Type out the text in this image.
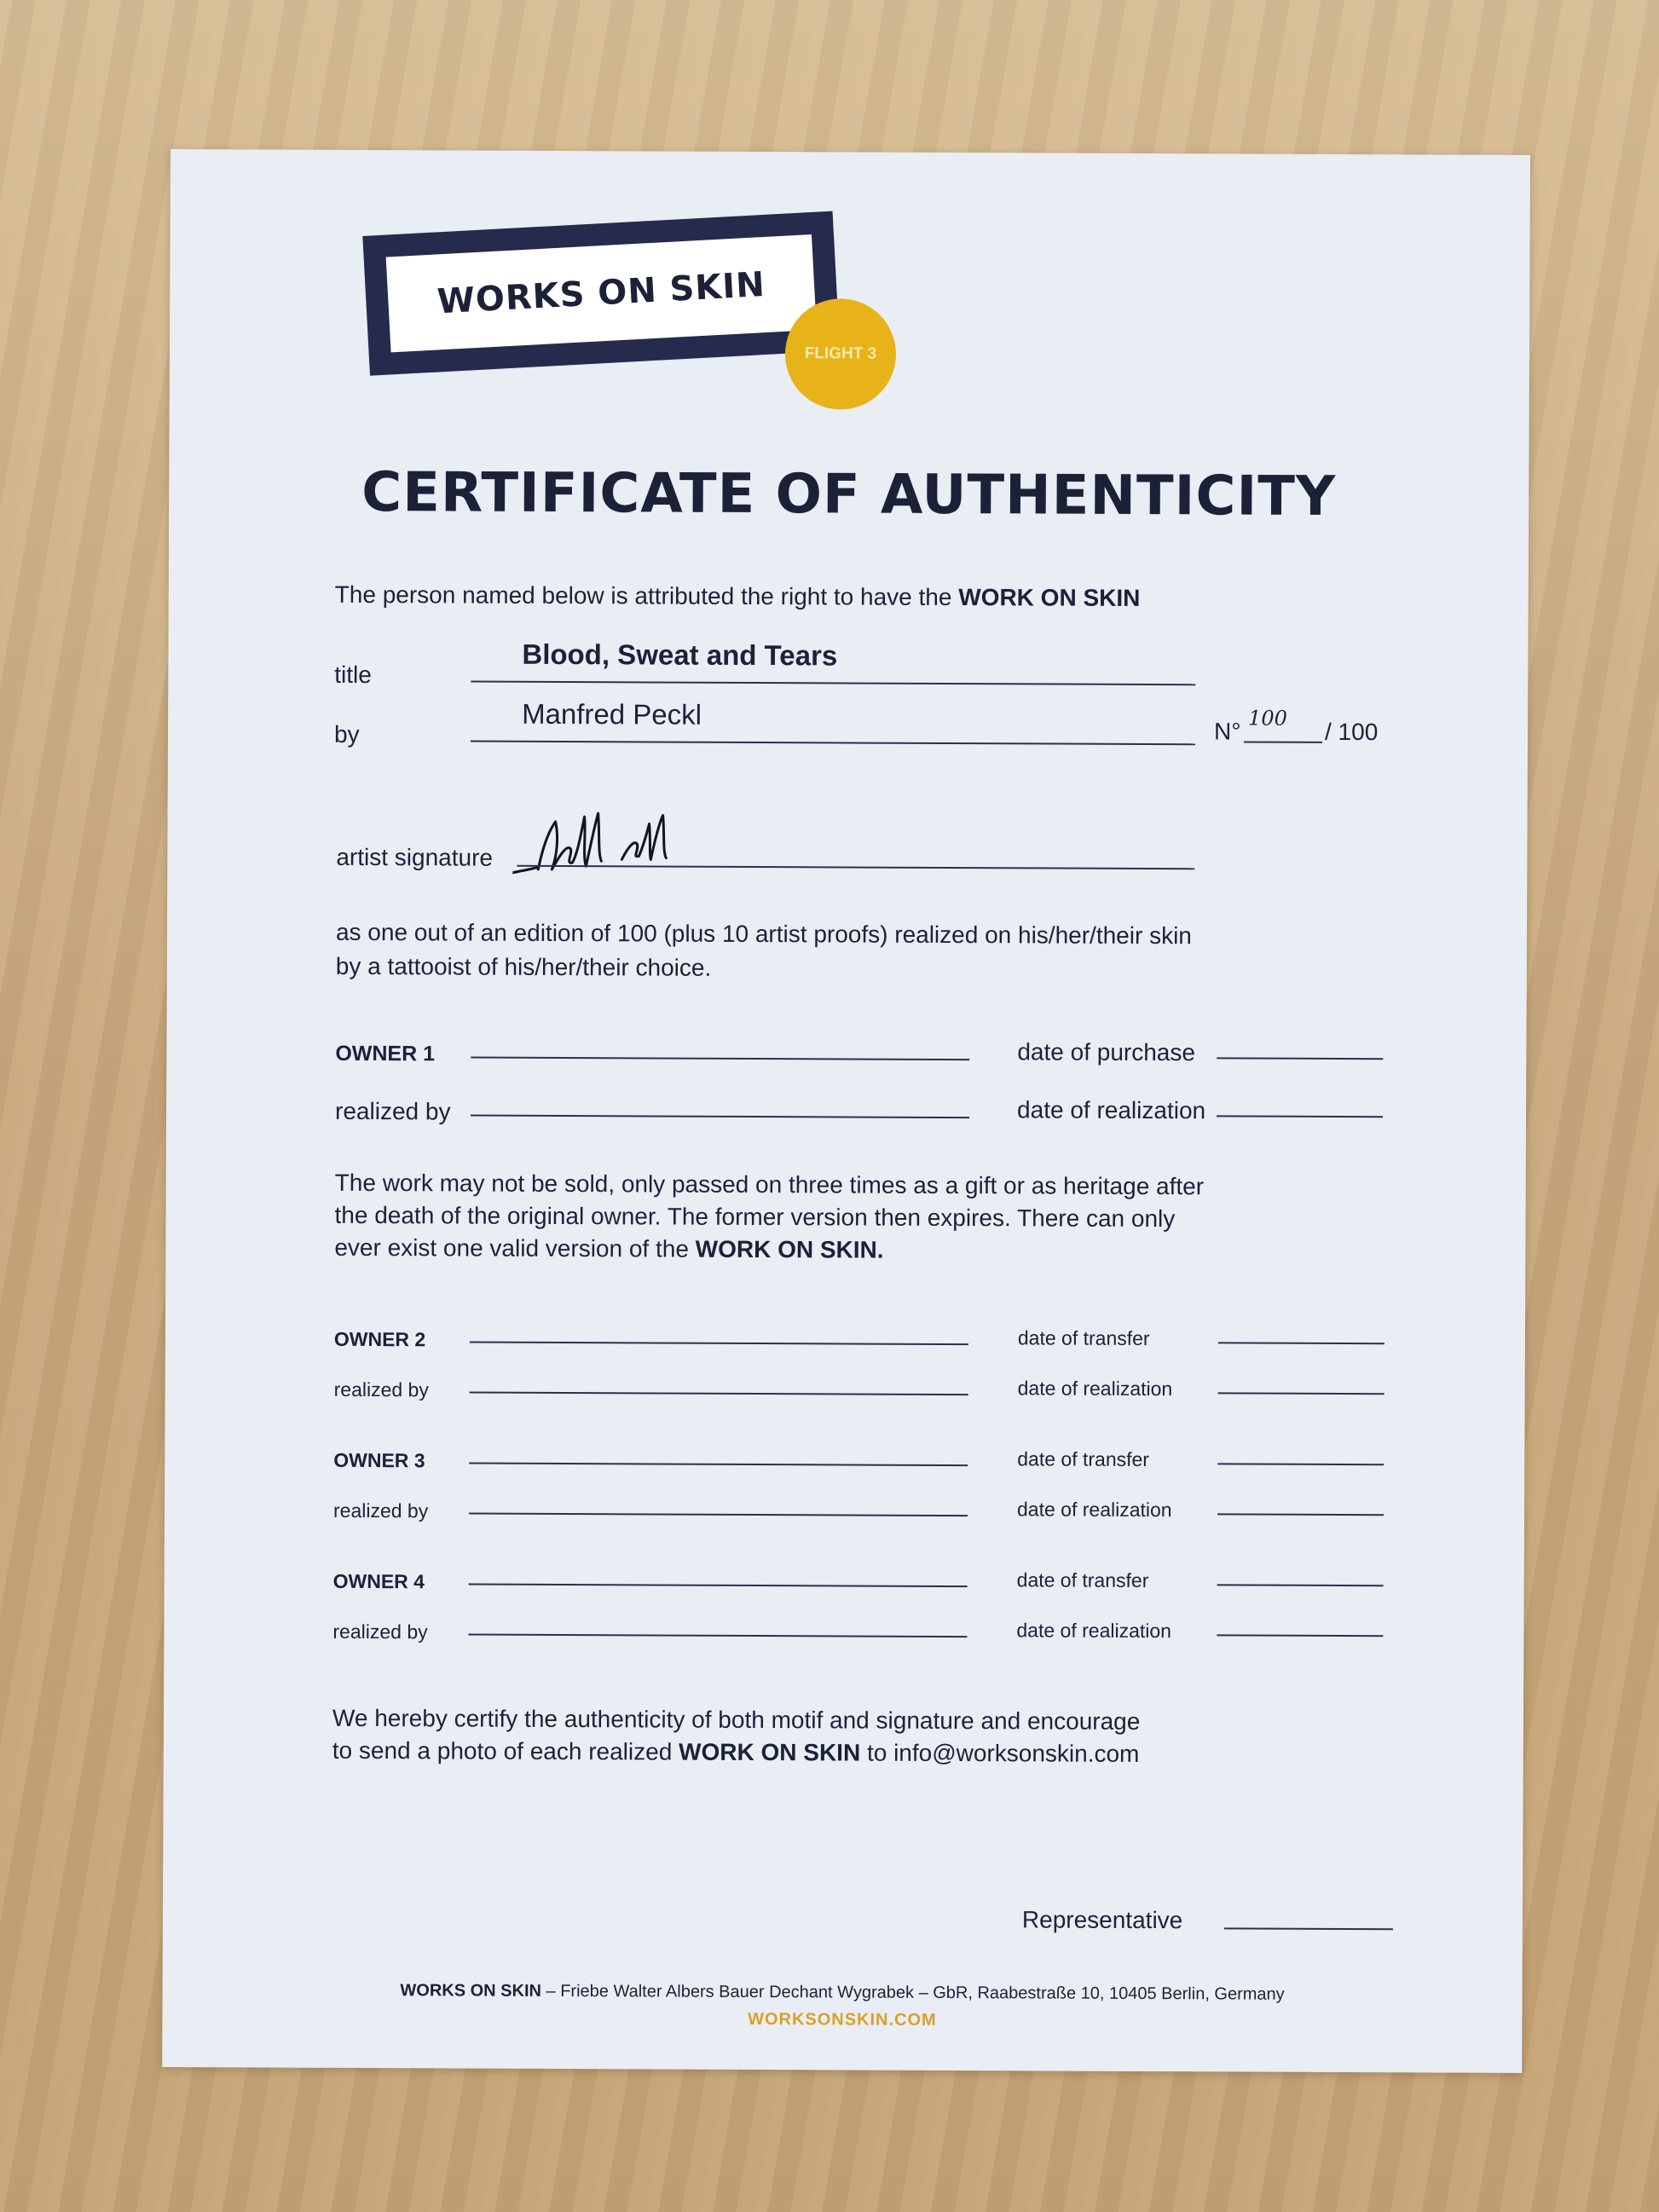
WORKS ON SKIN
FLIGHT 3
CERTIFICATE OF AUTHENTICITY
The person named below is attributed the right to have the WORK ON SKIN
title
Blood, Sweat and Tears
by
Manfred Peckl
N° 100
/ 100
artist signature
as one out of an edition of 100 (plus 10 artist proofs) realized on his/her/their skin
by a tattooist of his/her/their choice.
OWNER 1	date of purchase
realized by	date of realization
The work may not be sold, only passed on three times as a gift or as heritage after
the death of the original owner. The former version then expires. There can only
ever exist one valid version of the WORK ON SKIN.
OWNER 2	date of transfer
realized by	date of realization
OWNER 3	date of transfer
realized by	date of realization
OWNER 4	date of transfer
realized by	date of realization
We hereby certify the authenticity of both motif and signature and encourage
to send a photo of each realized WORK ON SKIN to info@worksonskin.com
Representative
WORKS ON SKIN – Friebe Walter Albers Bauer Dechant Wygrabek – GbR, Raabestraße 10, 10405 Berlin, Germany
WORKSONSKIN.COM
